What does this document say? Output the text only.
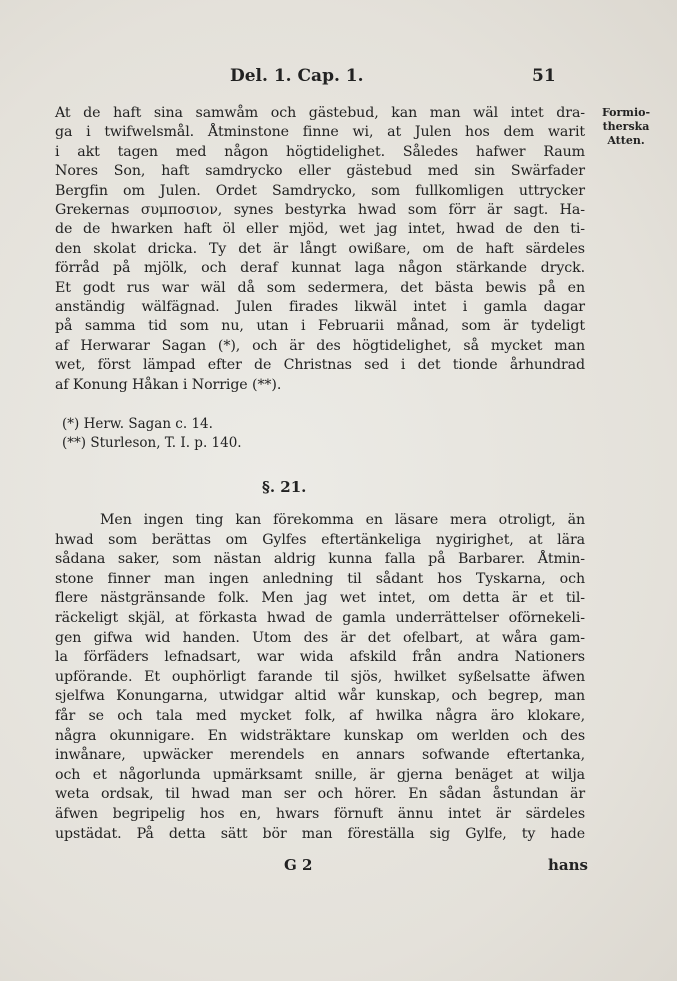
Del. 1. Cap. 1.	51
Formio-
therska
Atten.
At de haft sina samwåm och gästebud, kan man wäl intet dra-
ga i twifwelsmål. Åtminstone finne wi, at Julen hos dem warit
i akt tagen med någon högtidelighet. Således hafwer Raum
Nores Son, haft samdrycko eller gästebud med sin Swärfader
Bergfin om Julen. Ordet Samdrycko, som fullkomligen uttrycker
Grekernas συμποσιον, synes bestyrka hwad som förr är sagt. Ha-
de de hwarken haft öl eller mjöd, wet jag intet, hwad de den ti-
den skolat dricka. Ty det är långt owißare, om de haft särdeles
förråd på mjölk, och deraf kunnat laga någon stärkande dryck.
Et godt rus war wäl då som sedermera, det bästa bewis på en
anständig wälfägnad. Julen firades likwäl intet i gamla dagar
på samma tid som nu, utan i Februarii månad, som är tydeligt
af Herwarar Sagan (*), och är des högtidelighet, så mycket man
wet, först lämpad efter de Christnas sed i det tionde århundrad
af Konung Håkan i Norrige (**).
(*) Herw. Sagan c. 14.
(**) Sturleson, T. I. p. 140.
§. 21.
Men ingen ting kan förekomma en läsare mera otroligt, än
hwad som berättas om Gylfes eftertänkeliga nygirighet, at lära
sådana saker, som nästan aldrig kunna falla på Barbarer. Åtmin-
stone finner man ingen anledning til sådant hos Tyskarna, och
flere nästgränsande folk. Men jag wet intet, om detta är et til-
räckeligt skjäl, at förkasta hwad de gamla underrättelser oförnekeli-
gen gifwa wid handen. Utom des är det ofelbart, at wåra gam-
la förfäders lefnadsart, war wida afskild från andra Nationers
upförande. Et ouphörligt farande til sjös, hwilket syßelsatte äfwen
sjelfwa Konungarna, utwidgar altid wår kunskap, och begrep, man
får se och tala med mycket folk, af hwilka några äro klokare,
några okunnigare. En widsträktare kunskap om werlden och des
inwånare, upwäcker merendels en annars sofwande eftertanka,
och et någorlunda upmärksamt snille, är gjerna benäget at wilja
weta ordsak, til hwad man ser och hörer. En sådan åstundan är
äfwen begripelig hos en, hwars förnuft ännu intet är särdeles
upstädat. På detta sätt bör man föreställa sig Gylfe, ty hade
G 2	hans
